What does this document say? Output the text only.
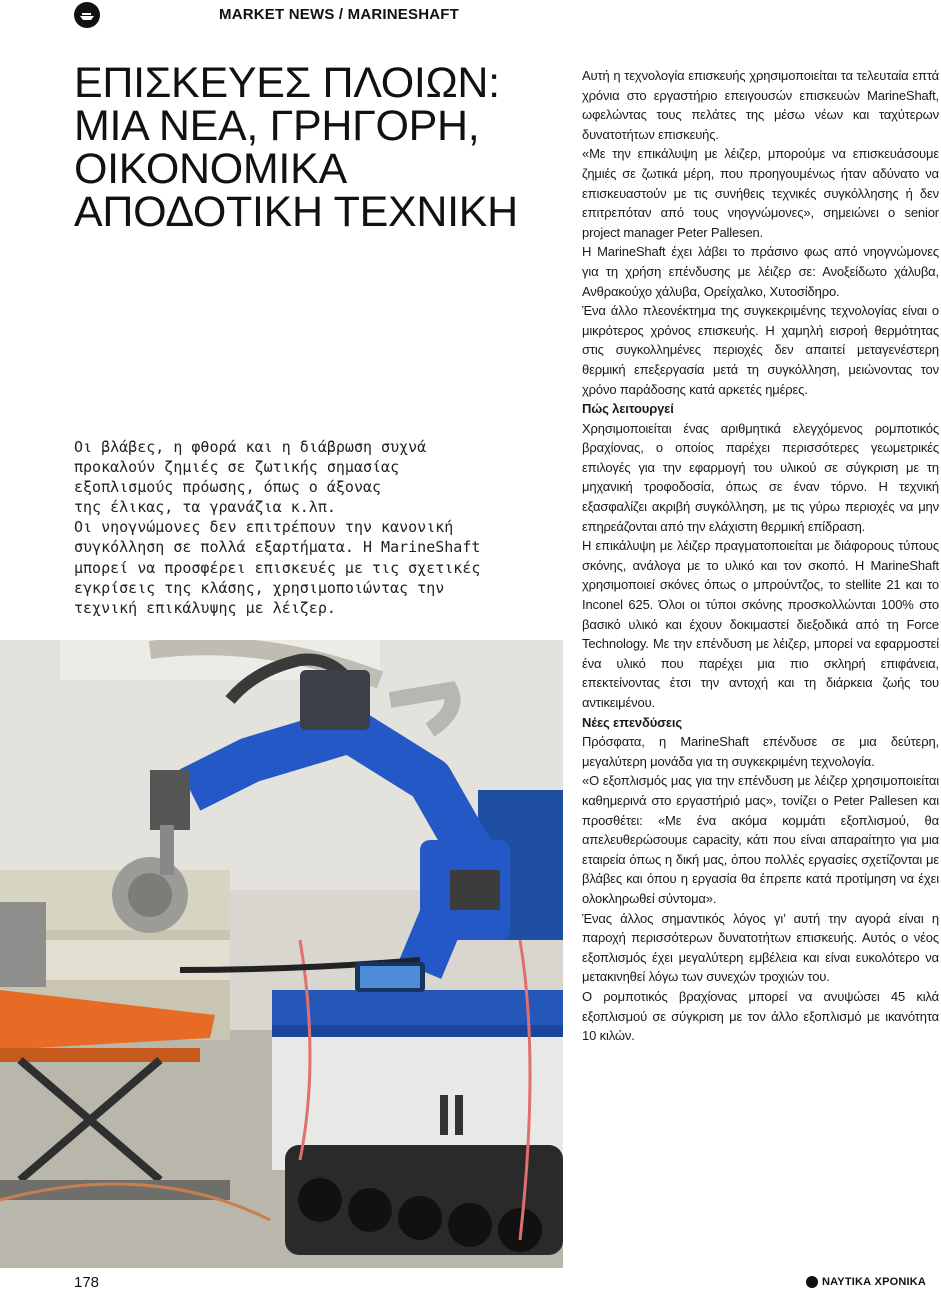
MARKET NEWS / MARINESHAFT
ΕΠΙΣΚΕΥΕΣ ΠΛΟΙΩΝ:
ΜΙΑ ΝΕΑ, ΓΡΗΓΟΡΗ,
ΟΙΚΟΝΟΜΙΚΑ
ΑΠΟΔΟΤΙΚΗ ΤΕΧΝΙΚΗ
Οι βλάβες, η φθορά και η διάβρωση συχνά
προκαλούν ζημιές σε ζωτικής σημασίας
εξοπλισμούς πρόωσης, όπως ο άξονας
της έλικας, τα γρανάζια κ.λπ.
Οι νηογνώμονες δεν επιτρέπουν την κανονική
συγκόλληση σε πολλά εξαρτήματα. Η MarineShaft
μπορεί να προσφέρει επισκευές με τις σχετικές
εγκρίσεις της κλάσης, χρησιμοποιώντας την
τεχνική επικάλυψης με λέιζερ.

Αυτή η τεχνολογία επισκευής χρησιμοποιείται τα τελευταία επτά χρόνια στο εργαστήριο επειγουσών επισκευών MarineShaft, ωφελώντας τους πελάτες της μέσω νέων και ταχύτερων δυνατοτήτων επισκευής.

«Με την επικάλυψη με λέιζερ, μπορούμε να επισκευάσουμε ζημιές σε ζωτικά μέρη, που προηγουμένως ήταν αδύνατο να επισκευαστούν με τις συνήθεις τεχνικές συγκόλλησης ή δεν επιτρεπόταν από τους νηογνώμονες», σημειώνει ο senior project manager Peter Pallesen.

Η MarineShaft έχει λάβει το πράσινο φως από νηογνώμονες για τη χρήση επένδυσης με λέιζερ σε: Ανοξείδωτο χάλυβα, Ανθρακούχο χάλυβα, Ορείχαλκο, Χυτοσίδηρο.

Ένα άλλο πλεονέκτημα της συγκεκριμένης τεχνολογίας είναι ο μικρότερος χρόνος επισκευής. Η χαμηλή εισροή θερμότητας στις συγκολλημένες περιοχές δεν απαιτεί μεταγενέστερη θερμική επεξεργασία μετά τη συγκόλληση, μειώνοντας τον χρόνο παράδοσης κατά αρκετές ημέρες.

Πώς λειτουργεί

Χρησιμοποιείται ένας αριθμητικά ελεγχόμενος ρομποτικός βραχίονας, ο οποίος παρέχει περισσότερες γεωμετρικές επιλογές για την εφαρμογή του υλικού σε σύγκριση με τη μηχανική τροφοδοσία, όπως σε έναν τόρνο. Η τεχνική εξασφαλίζει ακριβή συγκόλληση, με τις γύρω περιοχές να μην επηρεάζονται από την ελάχιστη θερμική επίδραση.

Η επικάλυψη με λέιζερ πραγματοποιείται με διάφορους τύπους σκόνης, ανάλογα με το υλικό και τον σκοπό. Η MarineShaft χρησιμοποιεί σκόνες όπως ο μπρούντζος, το stellite 21 και το Inconel 625. Όλοι οι τύποι σκόνης προσκολλώνται 100% στο βασικό υλικό και έχουν δοκιμαστεί διεξοδικά από τη Force Technology. Με την επένδυση με λέιζερ, μπορεί να εφαρμοστεί ένα υλικό που παρέχει μια πιο σκληρή επιφάνεια, επεκτείνοντας έτσι την αντοχή και τη διάρκεια ζωής του αντικειμένου.

Νέες επενδύσεις

Πρόσφατα, η MarineShaft επένδυσε σε μια δεύτερη, μεγαλύτερη μονάδα για τη συγκεκριμένη τεχνολογία.

«Ο εξοπλισμός μας για την επένδυση με λέιζερ χρησιμοποιείται καθημερινά στο εργαστήριό μας», τονίζει ο Peter Pallesen και προσθέτει: «Με ένα ακόμα κομμάτι εξοπλισμού, θα απελευθερώσουμε capacity, κάτι που είναι απαραίτητο για μια εταιρεία όπως η δική μας, όπου πολλές εργασίες σχετίζονται με βλάβες και όπου η εργασία θα έπρεπε κατά προτίμηση να έχει ολοκληρωθεί σύντομα».

Ένας άλλος σημαντικός λόγος γι’ αυτή την αγορά είναι η παροχή περισσότερων δυνατοτήτων επισκευής. Αυτός ο νέος εξοπλισμός έχει μεγαλύτερη εμβέλεια και είναι ευκολότερο να μετακινηθεί λόγω των συνεχών τροχιών του.

Ο ρομποτικός βραχίονας μπορεί να ανυψώσει 45 κιλά εξοπλισμού σε σύγκριση με τον άλλο εξοπλισμό με ικανότητα 10 κιλών.

178	ΝΑΥΤΙΚΑ ΧΡΟΝΙΚΑ
